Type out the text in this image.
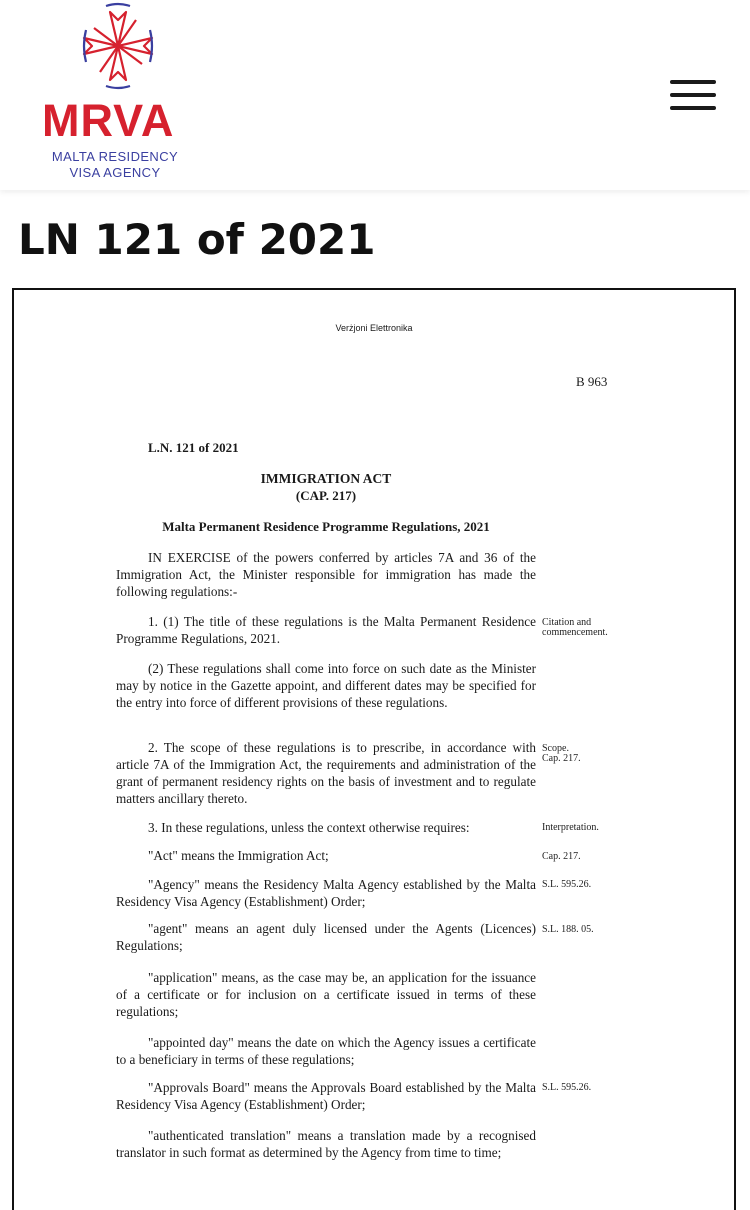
MRVA
MALTA RESIDENCY
VISA AGENCY
LN 121 of 2021
Verżjoni Elettronika
B 963
L.N. 121 of 2021
IMMIGRATION ACT
(CAP. 217)
Malta Permanent Residence Programme Regulations, 2021

IN EXERCISE of the powers conferred by articles 7A and 36 of the Immigration Act, the Minister responsible for immigration has made the following regulations:-

1. (1) The title of these regulations is the Malta Permanent Residence Programme Regulations, 2021.

(2) These regulations shall come into force on such date as the Minister may by notice in the Gazette appoint, and different dates may be specified for the entry into force of different provisions of these regulations.

2. The scope of these regulations is to prescribe, in accordance with article 7A of the Immigration Act, the requirements and administration of the grant of permanent residency rights on the basis of investment and to regulate matters ancillary thereto.

3. In these regulations, unless the context otherwise requires:

"Act" means the Immigration Act;

"Agency" means the Residency Malta Agency established by the Malta Residency Visa Agency (Establishment) Order;

"agent" means an agent duly licensed under the Agents (Licences) Regulations;

"application" means, as the case may be, an application for the issuance of a certificate or for inclusion on a certificate issued in terms of these regulations;

"appointed day" means the date on which the Agency issues a certificate to a beneficiary in terms of these regulations;

"Approvals Board" means the Approvals Board established by the Malta Residency Visa Agency (Establishment) Order;

"authenticated translation" means a translation made by a recognised translator in such format as determined by the Agency from time to time;

Citation and
commencement.
Scope.
Cap. 217.
Interpretation.
Cap. 217.
S.L. 595.26.
S.L. 188. 05.
S.L. 595.26.
